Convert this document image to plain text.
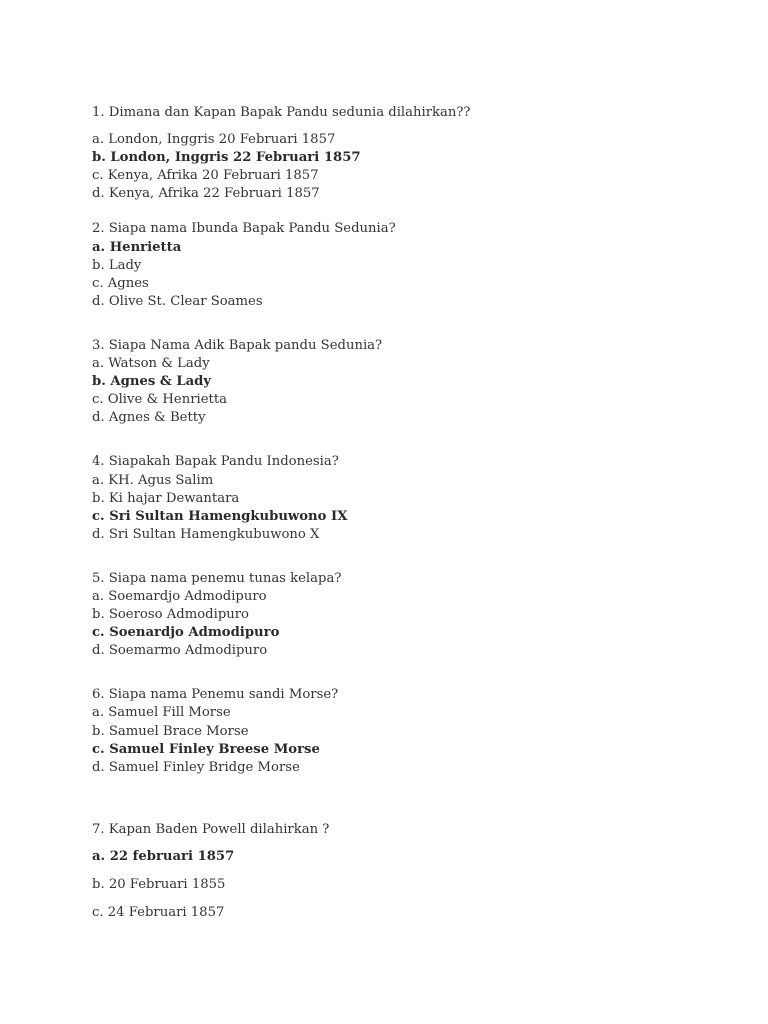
1. Dimana dan Kapan Bapak Pandu sedunia dilahirkan??
a. London, Inggris 20 Februari 1857
b. London, Inggris 22 Februari 1857
c. Kenya, Afrika 20 Februari 1857
d. Kenya, Afrika 22 Februari 1857
2. Siapa nama Ibunda Bapak Pandu Sedunia?
a. Henrietta
b. Lady
c. Agnes
d. Olive St. Clear Soames
3. Siapa Nama Adik Bapak pandu Sedunia?
a. Watson & Lady
b. Agnes & Lady
c. Olive & Henrietta
d. Agnes & Betty
4. Siapakah Bapak Pandu Indonesia?
a. KH. Agus Salim
b. Ki hajar Dewantara
c. Sri Sultan Hamengkubuwono IX
d. Sri Sultan Hamengkubuwono X
5. Siapa nama penemu tunas kelapa?
a. Soemardjo Admodipuro
b. Soeroso Admodipuro
c. Soenardjo Admodipuro
d. Soemarmo Admodipuro
6. Siapa nama Penemu sandi Morse?
a. Samuel Fill Morse
b. Samuel Brace Morse
c. Samuel Finley Breese Morse
d. Samuel Finley Bridge Morse
7. Kapan Baden Powell dilahirkan ?
a. 22 februari 1857
b. 20 Februari 1855
c. 24 Februari 1857
